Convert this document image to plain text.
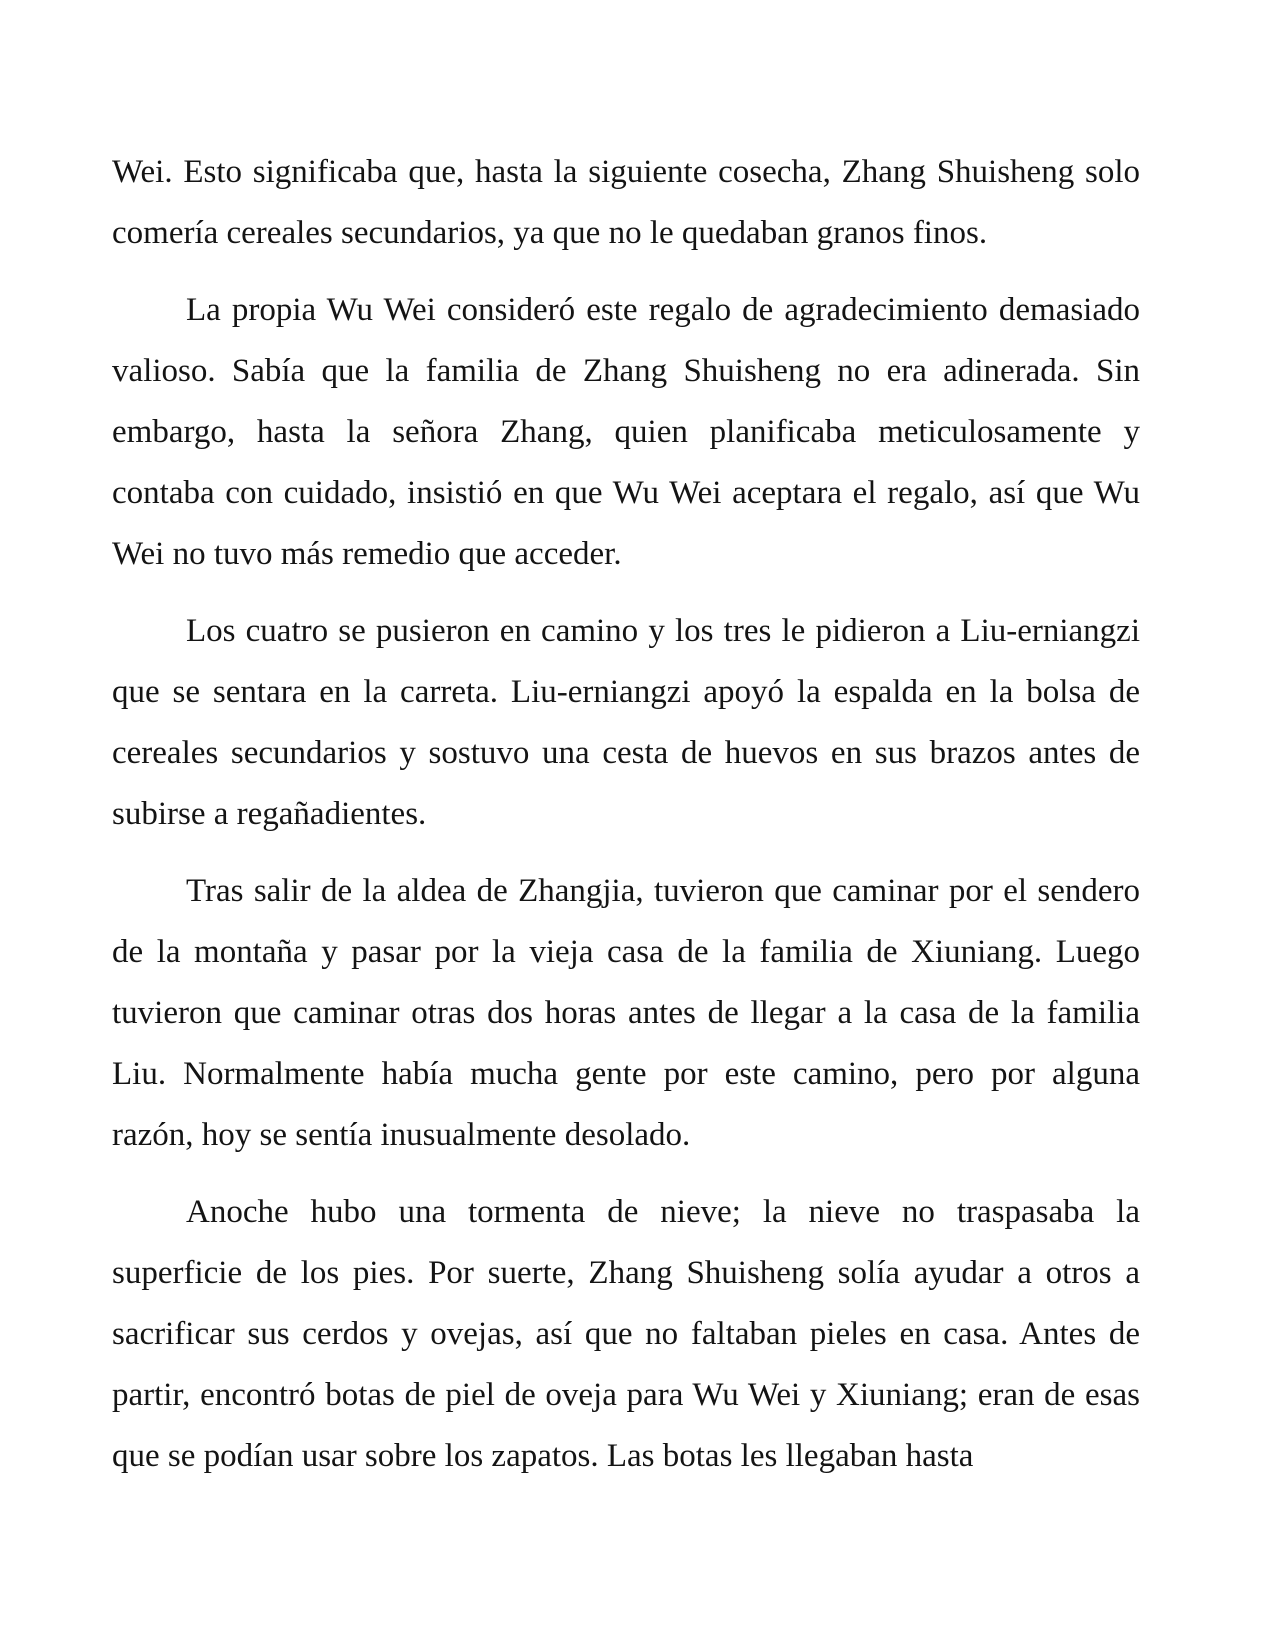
Wei. Esto significaba que, hasta la siguiente cosecha, Zhang Shuisheng solo comería cereales secundarios, ya que no le quedaban granos finos.

La propia Wu Wei consideró este regalo de agradecimiento demasiado valioso. Sabía que la familia de Zhang Shuisheng no era adinerada. Sin embargo, hasta la señora Zhang, quien planificaba meticulosamente y contaba con cuidado, insistió en que Wu Wei aceptara el regalo, así que Wu Wei no tuvo más remedio que acceder.

Los cuatro se pusieron en camino y los tres le pidieron a Liu-erniangzi que se sentara en la carreta. Liu-erniangzi apoyó la espalda en la bolsa de cereales secundarios y sostuvo una cesta de huevos en sus brazos antes de subirse a regañadientes.

Tras salir de la aldea de Zhangjia, tuvieron que caminar por el sendero de la montaña y pasar por la vieja casa de la familia de Xiuniang. Luego tuvieron que caminar otras dos horas antes de llegar a la casa de la familia Liu. Normalmente había mucha gente por este camino, pero por alguna razón, hoy se sentía inusualmente desolado.

Anoche hubo una tormenta de nieve; la nieve no traspasaba la superficie de los pies. Por suerte, Zhang Shuisheng solía ayudar a otros a sacrificar sus cerdos y ovejas, así que no faltaban pieles en casa. Antes de partir, encontró botas de piel de oveja para Wu Wei y Xiuniang; eran de esas que se podían usar sobre los zapatos. Las botas les llegaban hasta
